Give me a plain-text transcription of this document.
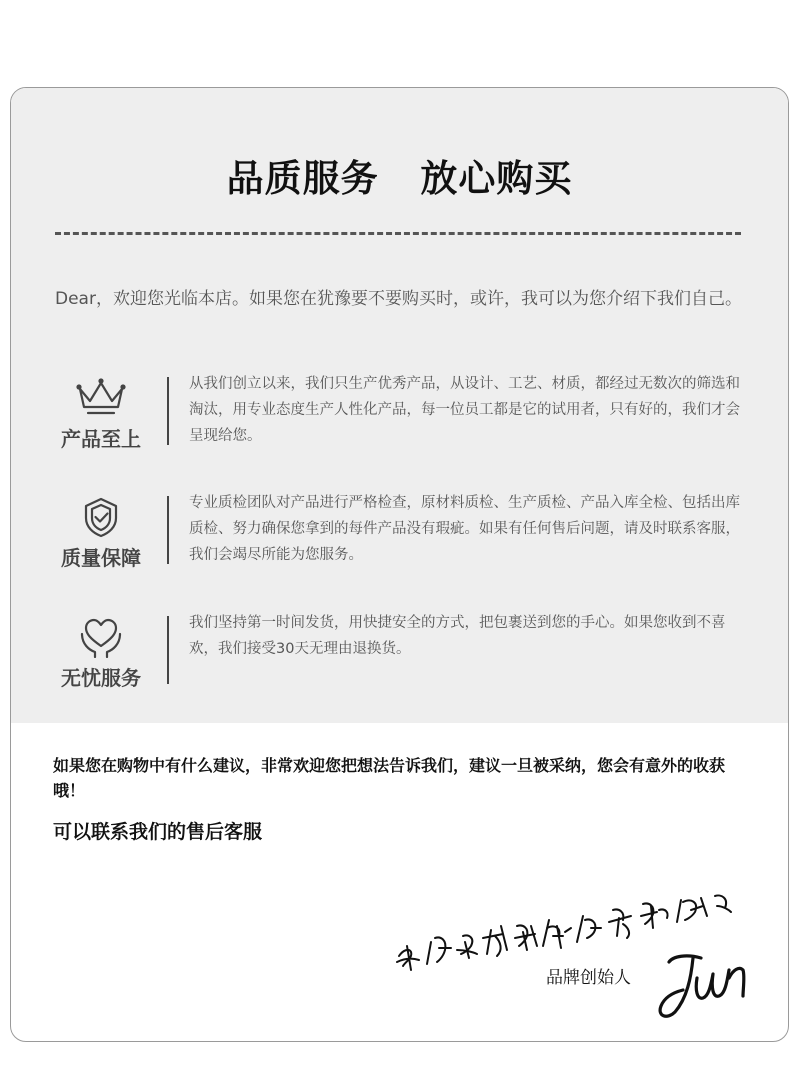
品质服务   放心购买
Dear，欢迎您光临本店。如果您在犹豫要不要购买时，或许，我可以为您介绍下我们自己。
产品至上
从我们创立以来，我们只生产优秀产品，从设计、工艺、材质，都经过无数次的筛选和淘汰，用专业态度生产人性化产品，每一位员工都是它的试用者，只有好的，我们才会呈现给您。
质量保障
专业质检团队对产品进行严格检查，原材料质检、生产质检、产品入库全检、包括出库质检、努力确保您拿到的每件产品没有瑕疵。如果有任何售后问题，请及时联系客服，我们会竭尽所能为您服务。
无忧服务
我们坚持第一时间发货，用快捷安全的方式，把包裹送到您的手心。如果您收到不喜欢，我们接受30天无理由退换货。
如果您在购物中有什么建议，非常欢迎您把想法告诉我们，建议一旦被采纳，您会有意外的收获哦！
可以联系我们的售后客服
品牌创始人
